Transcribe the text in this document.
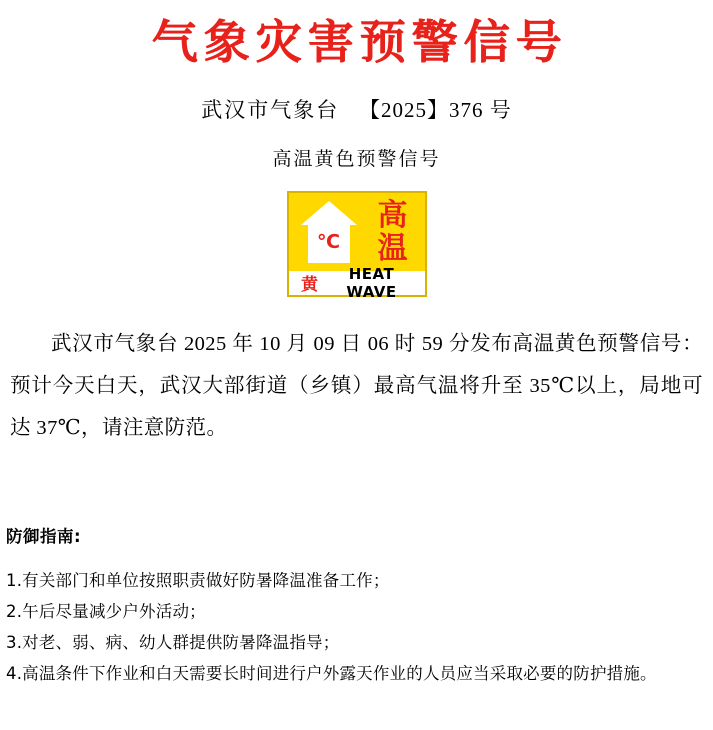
气象灾害预警信号
武汉市气象台 【2025】376 号
高温黄色预警信号
℃
高温
黄
HEAT WAVE

武汉市气象台 2025 年 10 月 09 日 06 时 59 分发布高温黄色预警信号：预计今天白天，武汉大部街道（乡镇）最高气温将升至 35℃以上，局地可达 37℃，请注意防范。

防御指南:
1.有关部门和单位按照职责做好防暑降温准备工作；
2.午后尽量减少户外活动；
3.对老、弱、病、幼人群提供防暑降温指导；
4.高温条件下作业和白天需要长时间进行户外露天作业的人员应当采取必要的防护措施。
